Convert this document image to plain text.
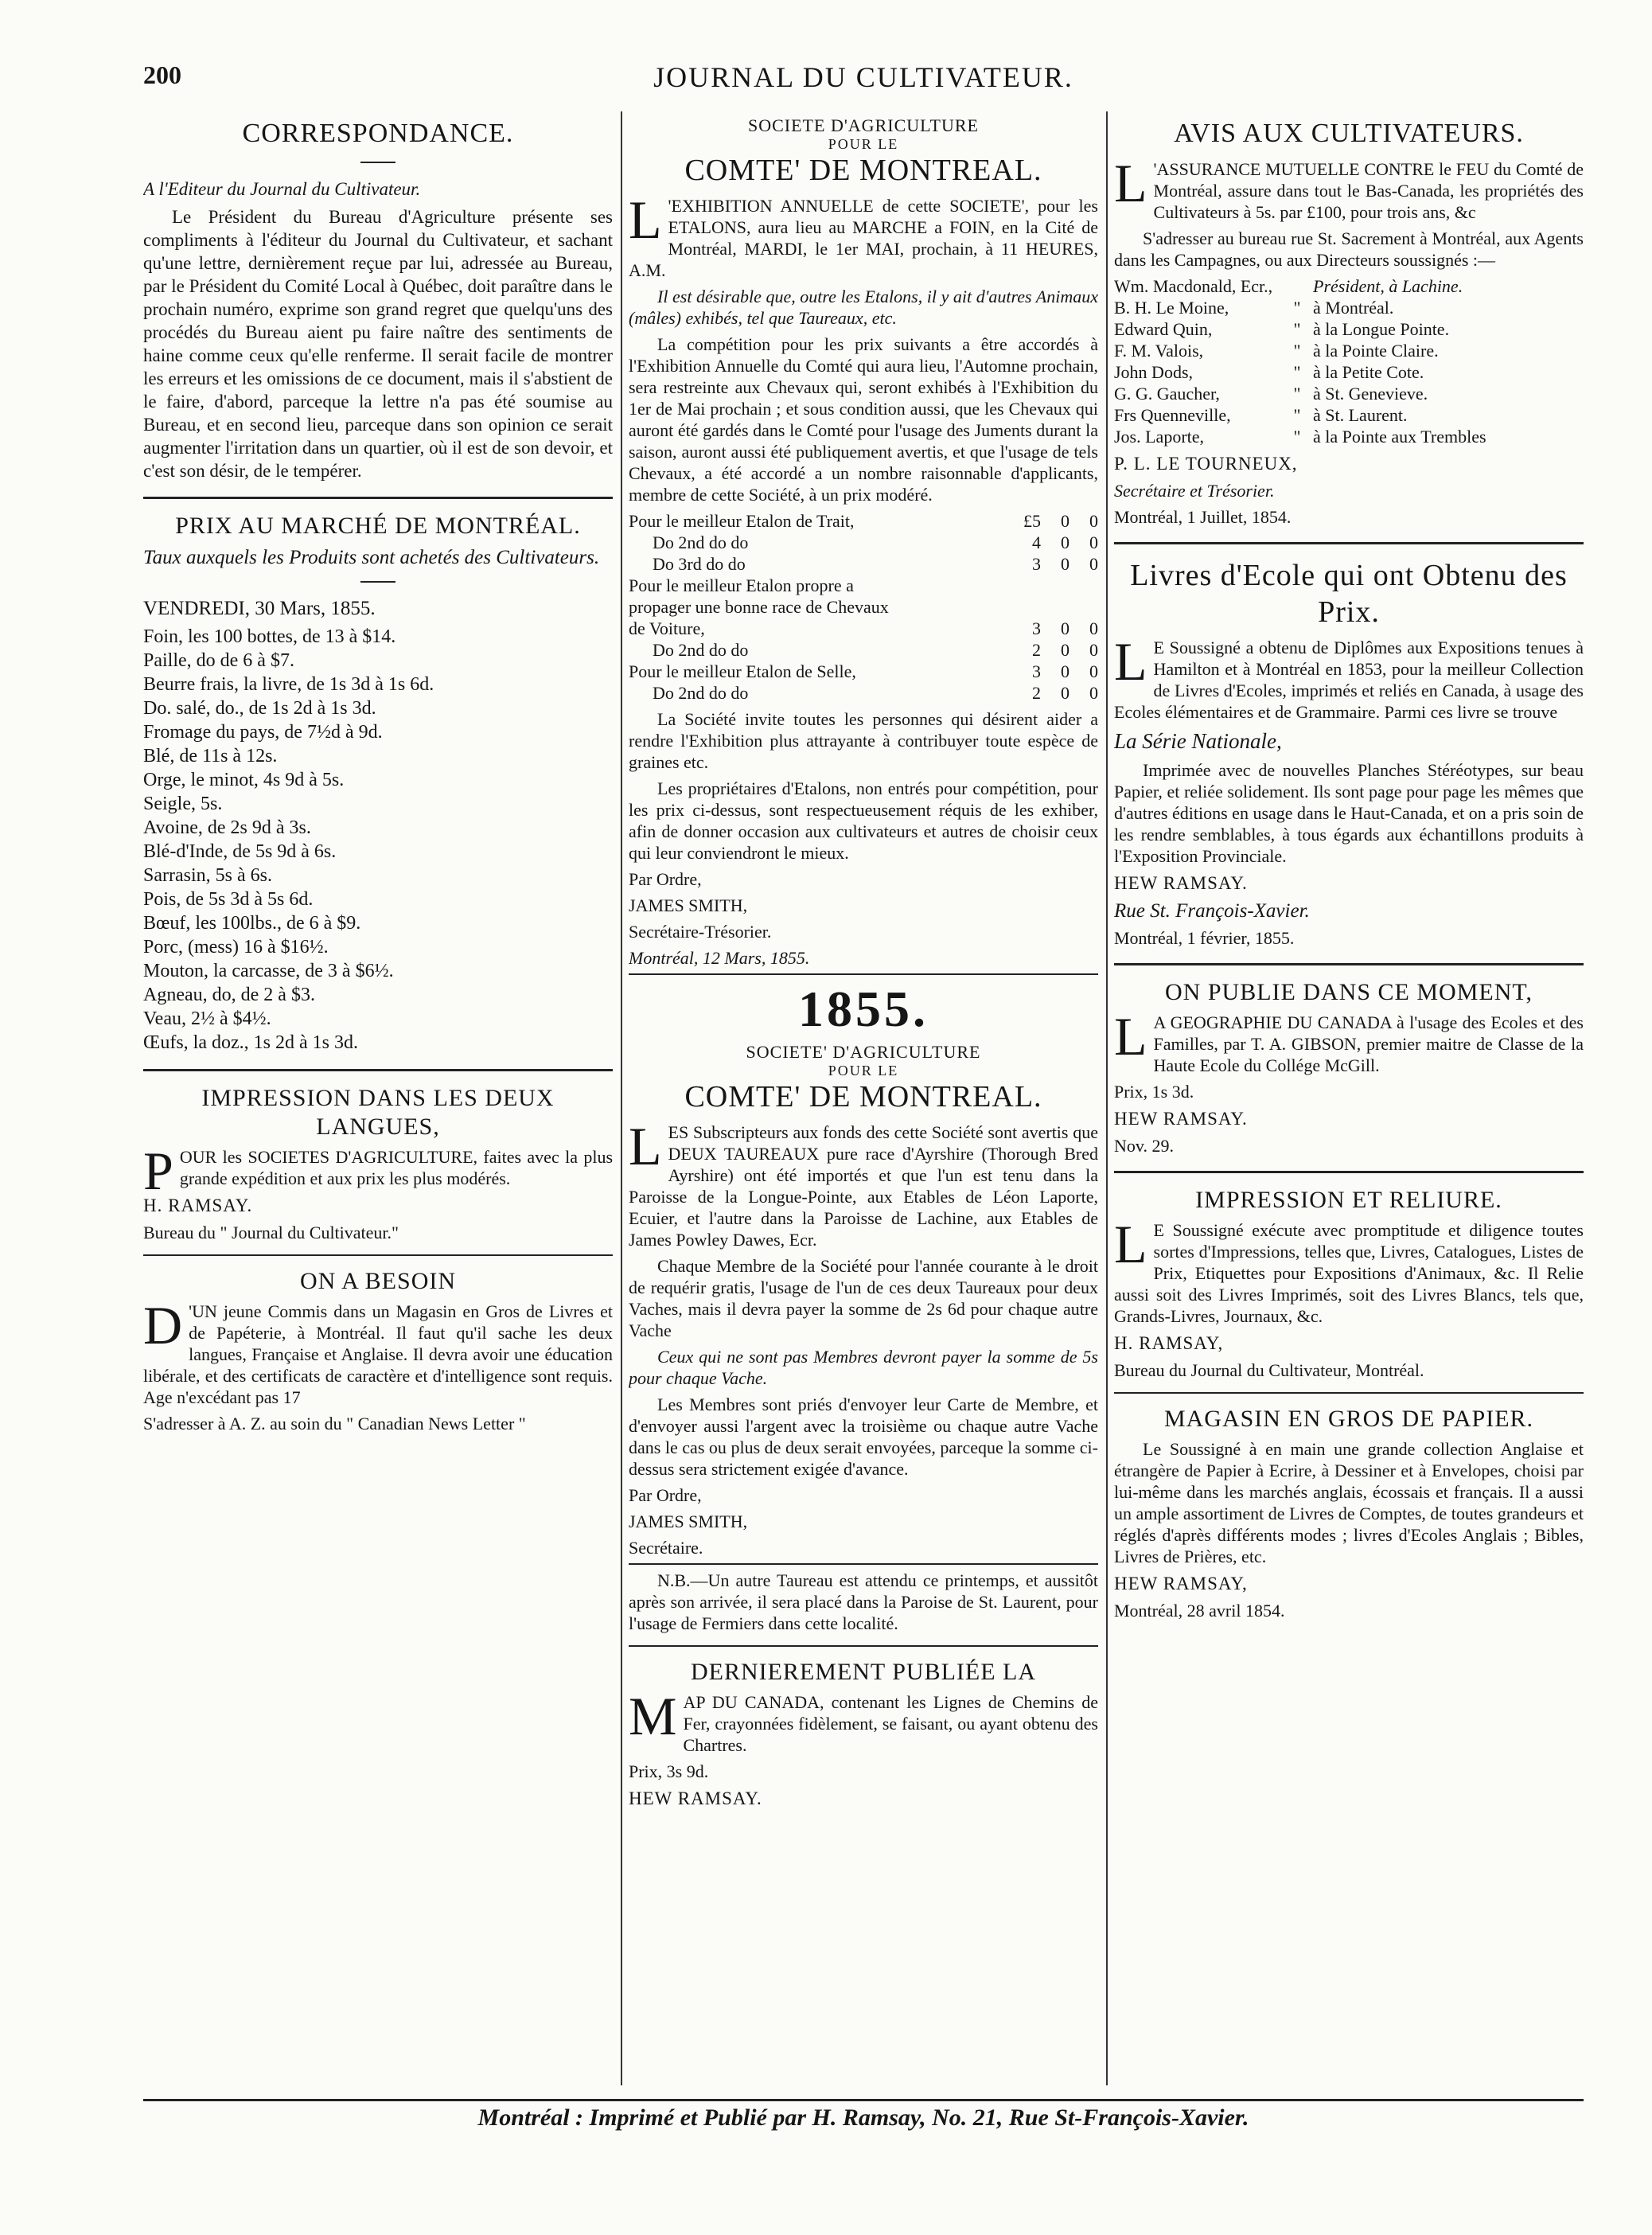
200	JOURNAL DU CULTIVATEUR.
CORRESPONDANCE.

A l'Editeur du Journal du Cultivateur.

Le Président du Bureau d'Agriculture présente ses compliments à l'éditeur du Journal du Cultivateur, et sachant qu'une lettre, dernièrement reçue par lui, adressée au Bureau, par le Président du Comité Local à Québec, doit paraître dans le prochain numéro, exprime son grand regret que quelqu'uns des procédés du Bureau aient pu faire naître des sentiments de haine comme ceux qu'elle renferme. Il serait facile de montrer les erreurs et les omissions de ce document, mais il s'abstient de le faire, d'abord, parceque la lettre n'a pas été soumise au Bureau, et en second lieu, parceque dans son opinion ce serait augmenter l'irritation dans un quartier, où il est de son devoir, et c'est son désir, de le tempérer.

PRIX AU MARCHÉ DE MONTRÉAL.

Taux auxquels les Produits sont achetés des Cultivateurs.

VENDREDI, 30 Mars, 1855.

Foin, les 100 bottes, de 13 à $14.

Paille, do de 6 à $7.

Beurre frais, la livre, de 1s 3d à 1s 6d.

Do. salé, do., de 1s 2d à 1s 3d.

Fromage du pays, de 7½d à 9d.

Blé, de 11s à 12s.

Orge, le minot, 4s 9d à 5s.

Seigle, 5s.

Avoine, de 2s 9d à 3s.

Blé-d'Inde, de 5s 9d à 6s.

Sarrasin, 5s à 6s.

Pois, de 5s 3d à 5s 6d.

Bœuf, les 100lbs., de 6 à $9.

Porc, (mess) 16 à $16½.

Mouton, la carcasse, de 3 à $6½.

Agneau, do, de 2 à $3.

Veau, 2½ à $4½.

Œufs, la doz., 1s 2d à 1s 3d.

IMPRESSION DANS LES DEUX LANGUES,

POUR les SOCIETES D'AGRICULTURE, faites avec la plus grande expédition et aux prix les plus modérés.

H. RAMSAY.

Bureau du " Journal du Cultivateur."

ON A BESOIN

D 'UN jeune Commis dans un Magasin en Gros de Livres et de Papéterie, à Montréal. Il faut qu'il sache les deux langues, Française et Anglaise. Il devra avoir une éducation libérale, et des certificats de caractère et d'intelligence sont requis. Age n'excédant pas 17

S'adresser à A. Z. au soin du " Canadian News Letter "

SOCIETE D'AGRICULTURE
POUR LE
COMTE' DE MONTREAL.

L 'EXHIBITION ANNUELLE de cette SOCIETE', pour les ETALONS, aura lieu au MARCHE a FOIN, en la Cité de Montréal, MARDI, le 1er MAI, prochain, à 11 HEURES, A.M.

Il est désirable que, outre les Etalons, il y ait d'autres Animaux (mâles) exhibés, tel que Taureaux, etc.

La compétition pour les prix suivants a être accordés à l'Exhibition Annuelle du Comté qui aura lieu, l'Automne prochain, sera restreinte aux Chevaux qui, seront exhibés à l'Exhibition du 1er de Mai prochain ; et sous condition aussi, que les Chevaux qui auront été gardés dans le Comté pour l'usage des Juments durant la saison, auront aussi été publiquement avertis, et que l'usage de tels Chevaux, a été accordé a un nombre raisonnable d'applicants, membre de cette Société, à un prix modéré.

Pour le meilleur Etalon de Trait,	£5	0	0
Do 2nd do do	4	0	0
Do 3rd do do	3	0	0
Pour le meilleur Etalon propre a propager une bonne race de Chevaux de Voiture,	3	0	0
Do 2nd do do	2	0	0
Pour le meilleur Etalon de Selle,	3	0	0
Do 2nd do do	2	0	0

La Société invite toutes les personnes qui désirent aider a rendre l'Exhibition plus attrayante à contribuyer toute espèce de graines etc.

Les propriétaires d'Etalons, non entrés pour compétition, pour les prix ci-dessus, sont respectueusement réquis de les exhiber, afin de donner occasion aux cultivateurs et autres de choisir ceux qui leur conviendront le mieux.

Par Ordre,

JAMES SMITH,

Secrétaire-Trésorier.

Montréal, 12 Mars, 1855.

1855.
SOCIETE' D'AGRICULTURE
POUR LE
COMTE' DE MONTREAL.

LES Subscripteurs aux fonds des cette Société sont avertis que DEUX TAUREAUX pure race d'Ayrshire (Thorough Bred Ayrshire) ont été importés et que l'un est tenu dans la Paroisse de la Longue-Pointe, aux Etables de Léon Laporte, Ecuier, et l'autre dans la Paroisse de Lachine, aux Etables de James Powley Dawes, Ecr.

Chaque Membre de la Société pour l'année courante à le droit de requérir gratis, l'usage de l'un de ces deux Taureaux pour deux Vaches, mais il devra payer la somme de 2s 6d pour chaque autre Vache

Ceux qui ne sont pas Membres devront payer la somme de 5s pour chaque Vache.

Les Membres sont priés d'envoyer leur Carte de Membre, et d'envoyer aussi l'argent avec la troisième ou chaque autre Vache dans le cas ou plus de deux serait envoyées, parceque la somme ci-dessus sera strictement exigée d'avance.

Par Ordre,

JAMES SMITH,

Secrétaire.

N.B.—Un autre Taureau est attendu ce printemps, et aussitôt après son arrivée, il sera placé dans la Paroise de St. Laurent, pour l'usage de Fermiers dans cette localité.

DERNIEREMENT PUBLIÉE LA

MAP DU CANADA, contenant les Lignes de Chemins de Fer, crayonnées fidèlement, se faisant, ou ayant obtenu des Chartres.

Prix, 3s 9d.

HEW RAMSAY.

AVIS AUX CULTIVATEURS.

L 'ASSURANCE MUTUELLE CONTRE le FEU du Comté de Montréal, assure dans tout le Bas-Canada, les propriétés des Cultivateurs à 5s. par £100, pour trois ans, &c

S'adresser au bureau rue St. Sacrement à Montréal, aux Agents dans les Campagnes, ou aux Directeurs soussignés :—

Wm. Macdonald, Ecr., Président, à Lachine.
B. H. Le Moine,	" à Montréal.
Edward Quin,	" à la Longue Pointe.
F. M. Valois,	" à la Pointe Claire.
John Dods,	" à la Petite Cote.
G. G. Gaucher,	" à St. Genevieve.
Frs Quenneville,	" à St. Laurent.
Jos. Laporte,	" à la Pointe aux Trembles

P. L. LE TOURNEUX,

Secrétaire et Trésorier.

Montréal, 1 Juillet, 1854.

Livres d'Ecole qui ont Obtenu des Prix.

L E Soussigné a obtenu de Diplômes aux Expositions tenues à Hamilton et à Montréal en 1853, pour la meilleur Collection de Livres d'Ecoles, imprimés et reliés en Canada, à usage des Ecoles élémentaires et de Grammaire. Parmi ces livre se trouve

La Série Nationale,

Imprimée avec de nouvelles Planches Stéréotypes, sur beau Papier, et reliée solidement. Ils sont page pour page les mêmes que d'autres éditions en usage dans le Haut-Canada, et on a pris soin de les rendre semblables, à tous égards aux échantillons produits à l'Exposition Provinciale.

HEW RAMSAY.

Rue St. François-Xavier.

Montréal, 1 février, 1855.

ON PUBLIE DANS CE MOMENT,

L A GEOGRAPHIE DU CANADA à l'usage des Ecoles et des Familles, par T. A. GIBSON, premier maitre de Classe de la Haute Ecole du Collége McGill.

Prix, 1s 3d.

HEW RAMSAY.

Nov. 29.

IMPRESSION ET RELIURE.

L E Soussigné exécute avec promptitude et diligence toutes sortes d'Impressions, telles que, Livres, Catalogues, Listes de Prix, Etiquettes pour Expositions d'Animaux, &c. Il Relie aussi soit des Livres Imprimés, soit des Livres Blancs, tels que, Grands-Livres, Journaux, &c.

H. RAMSAY,

Bureau du Journal du Cultivateur, Montréal.

MAGASIN EN GROS DE PAPIER.

Le Soussigné à en main une grande collection Anglaise et étrangère de Papier à Ecrire, à Dessiner et à Envelopes, choisi par lui-même dans les marchés anglais, écossais et français. Il a aussi un ample assortiment de Livres de Comptes, de toutes grandeurs et réglés d'après différents modes ; livres d'Ecoles Anglais ; Bibles, Livres de Prières, etc.

HEW RAMSAY,

Montréal, 28 avril 1854.

Montréal : Imprimé et Publié par H. Ramsay, No. 21, Rue St-François-Xavier.
